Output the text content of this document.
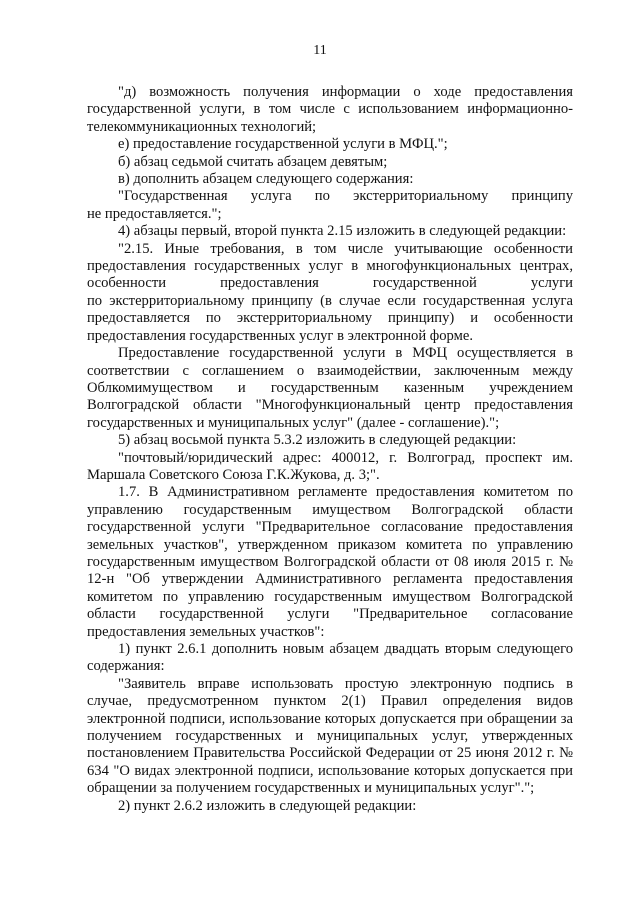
11

"д) возможность получения информации о ходе предоставления государственной услуги, в том числе с использованием информационно-телекоммуникационных технологий;

е) предоставление государственной услуги в МФЦ.";

б) абзац седьмой считать абзацем девятым;

в) дополнить абзацем следующего содержания:

"Государственная услуга по экстерриториальному принципу

не предоставляется.";

4) абзацы первый, второй пункта 2.15 изложить в следующей редакции:

"2.15. Иные требования, в том числе учитывающие особенности предоставления государственных услуг в многофункциональных центрах, особенности предоставления государственной услуги

по экстерриториальному принципу (в случае если государственная услуга предоставляется по экстерриториальному принципу) и особенности предоставления государственных услуг в электронной форме.

Предоставление государственной услуги в МФЦ осуществляется в соответствии с соглашением о взаимодействии, заключенным между Облкомимуществом и государственным казенным учреждением Волгоградской области "Многофункциональный центр предоставления государственных и муниципальных услуг" (далее - соглашение).";

5) абзац восьмой пункта 5.3.2 изложить в следующей редакции:

"почтовый/юридический адрес: 400012, г. Волгоград, проспект им. Маршала Советского Союза Г.К.Жукова, д. 3;".

1.7. В Административном регламенте предоставления комитетом по управлению государственным имуществом Волгоградской области государственной услуги "Предварительное согласование предоставления земельных участков", утвержденном приказом комитета по управлению государственным имуществом Волгоградской области от 08 июля 2015 г. № 12-н "Об утверждении Административного регламента предоставления комитетом по управлению государственным имуществом Волгоградской области государственной услуги "Предварительное согласование предоставления земельных участков":

1) пункт 2.6.1 дополнить новым абзацем двадцать вторым следующего содержания:

"Заявитель вправе использовать простую электронную подпись в случае, предусмотренном пунктом 2(1) Правил определения видов электронной подписи, использование которых допускается при обращении за получением государственных и муниципальных услуг, утвержденных постановлением Правительства Российской Федерации от 25 июня 2012 г. № 634 "О видах электронной подписи, использование которых допускается при обращении за получением государственных и муниципальных услуг".";

2) пункт 2.6.2 изложить в следующей редакции:
